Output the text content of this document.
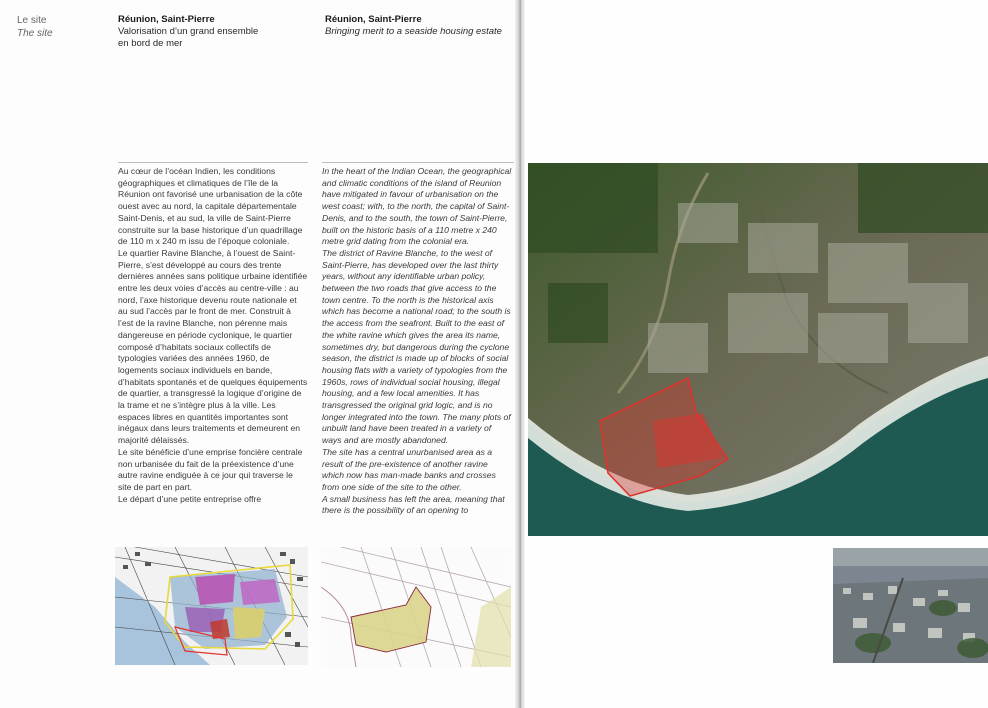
Le site
The site
Réunion, Saint-Pierre
Valorisation d’un grand ensemble
en bord de mer
Réunion, Saint-Pierre
Bringing merit to a seaside housing estate

Au cœur de l’océan Indien, les conditions géographiques et climatiques de l’île de la Réunion ont favorisé une urbanisation de la côte ouest avec au nord, la capitale départementale Saint-Denis, et au sud, la ville de Saint-Pierre construite sur la base historique d’un quadrillage de 110 m x 240 m issu de l’époque coloniale.

Le quartier Ravine Blanche, à l’ouest de Saint-Pierre, s’est développé au cours des trente dernières années sans politique urbaine identifiée entre les deux voies d’accès au centre-ville : au nord, l’axe historique devenu route nationale et au sud l’accès par le front de mer. Construit à l’est de la ravine Blanche, non pérenne mais dangereuse en période cyclonique, le quartier composé d’habitats sociaux collectifs de typologies variées des années 1960, de logements sociaux individuels en bande, d’habitats spontanés et de quelques équipements de quartier, a transgressé la logique d’origine de la trame et ne s’intègre plus à la ville. Les espaces libres en quantités importantes sont inégaux dans leurs traitements et demeurent en majorité délaissés.

Le site bénéficie d’une emprise foncière centrale non urbanisée du fait de la préexistence d’une autre ravine endiguée à ce jour qui traverse le site de part en part.

Le départ d’une petite entreprise offre

In the heart of the Indian Ocean, the geographical and climatic conditions of the island of Reunion have mitigated in favour of urbanisation on the west coast; with, to the north, the capital of Saint-Denis, and to the south, the town of Saint-Pierre, built on the historic basis of a 110 metre x 240 metre grid dating from the colonial era.

The district of Ravine Blanche, to the west of Saint-Pierre, has developed over the last thirty years, without any identifiable urban policy, between the two roads that give access to the town centre. To the north is the historical axis which has become a national road; to the south is the access from the seafront. Built to the east of the white ravine which gives the area its name, sometimes dry, but dangerous during the cyclone season, the district is made up of blocks of social housing flats with a variety of typologies from the 1960s, rows of individual social housing, illegal housing, and a few local amenities. It has transgressed the original grid logic, and is no longer integrated into the town. The many plots of unbuilt land have been treated in a variety of ways and are mostly abandoned.

The site has a central unurbanised area as a result of the pre-existence of another ravine which now has man-made banks and crosses from one side of the site to the other.

A small business has left the area, meaning that there is the possibility of an opening to
